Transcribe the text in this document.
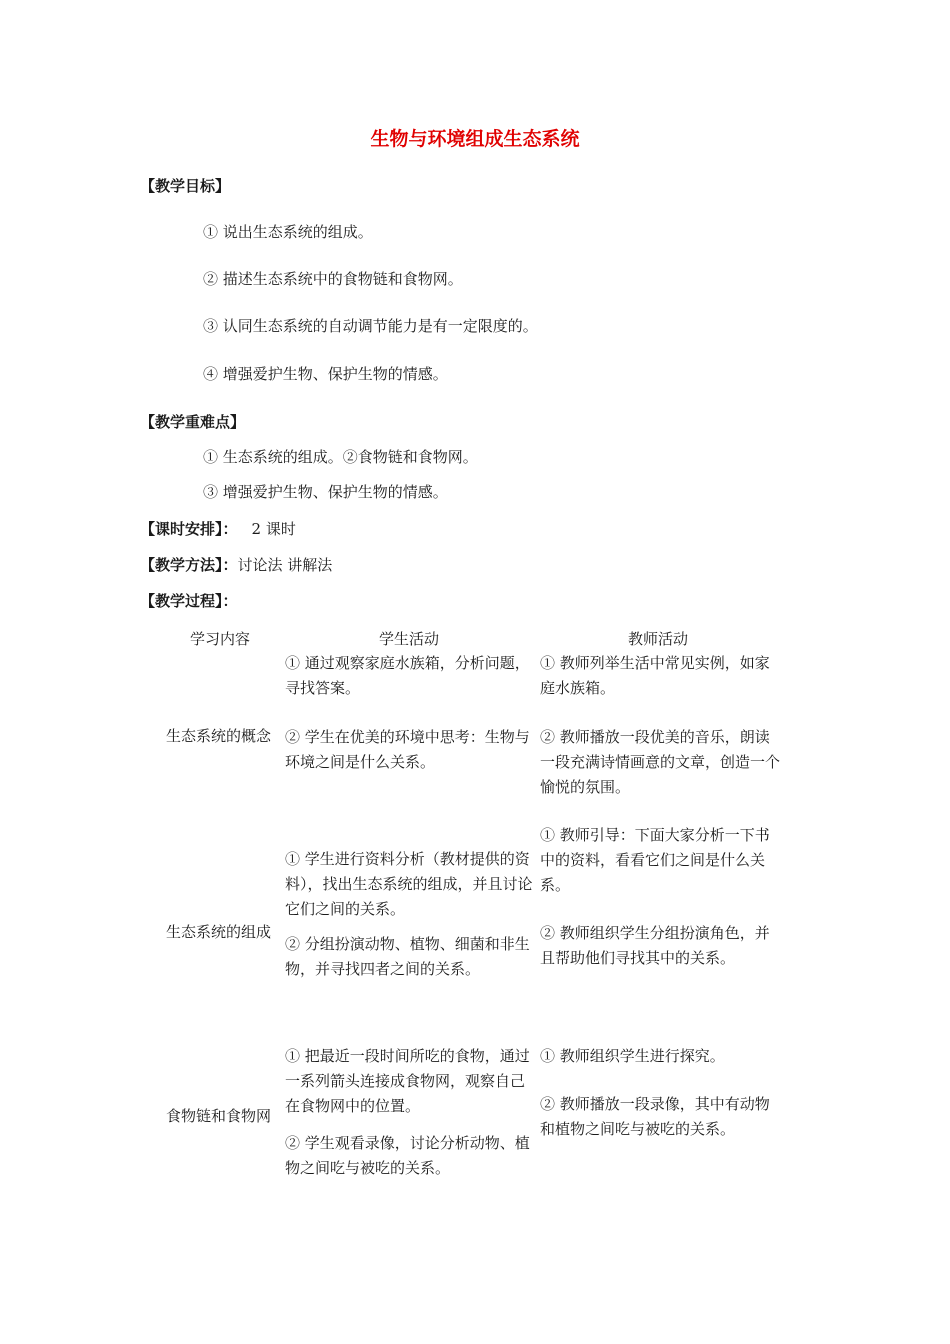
生物与环境组成生态系统
【教学目标】
① 说出生态系统的组成。
② 描述生态系统中的食物链和食物网。
③ 认同生态系统的自动调节能力是有一定限度的。
④ 增强爱护生物、保护生物的情感。
【教学重难点】
① 生态系统的组成。②食物链和食物网。
③ 增强爱护生物、保护生物的情感。
【课时安排】： 2 课时
【教学方法】：讨论法 讲解法
【教学过程】：
学习内容	学生活动	教师活动
生态系统的概念

① 通过观察家庭水族箱，分析问题，寻找答案。

② 学生在优美的环境中思考：生物与环境之间是什么关系。

① 教师列举生活中常见实例，如家庭水族箱。

② 教师播放一段优美的音乐，朗读一段充满诗情画意的文章，创造一个愉悦的氛围。

生态系统的组成

① 学生进行资料分析（教材提供的资料），找出生态系统的组成，并且讨论它们之间的关系。

② 分组扮演动物、植物、细菌和非生物，并寻找四者之间的关系。

① 教师引导：下面大家分析一下书中的资料，看看它们之间是什么关系。

② 教师组织学生分组扮演角色，并且帮助他们寻找其中的关系。

食物链和食物网

① 把最近一段时间所吃的食物，通过一系列箭头连接成食物网，观察自己在食物网中的位置。

② 学生观看录像，讨论分析动物、植物之间吃与被吃的关系。

① 教师组织学生进行探究。

② 教师播放一段录像，其中有动物和植物之间吃与被吃的关系。
